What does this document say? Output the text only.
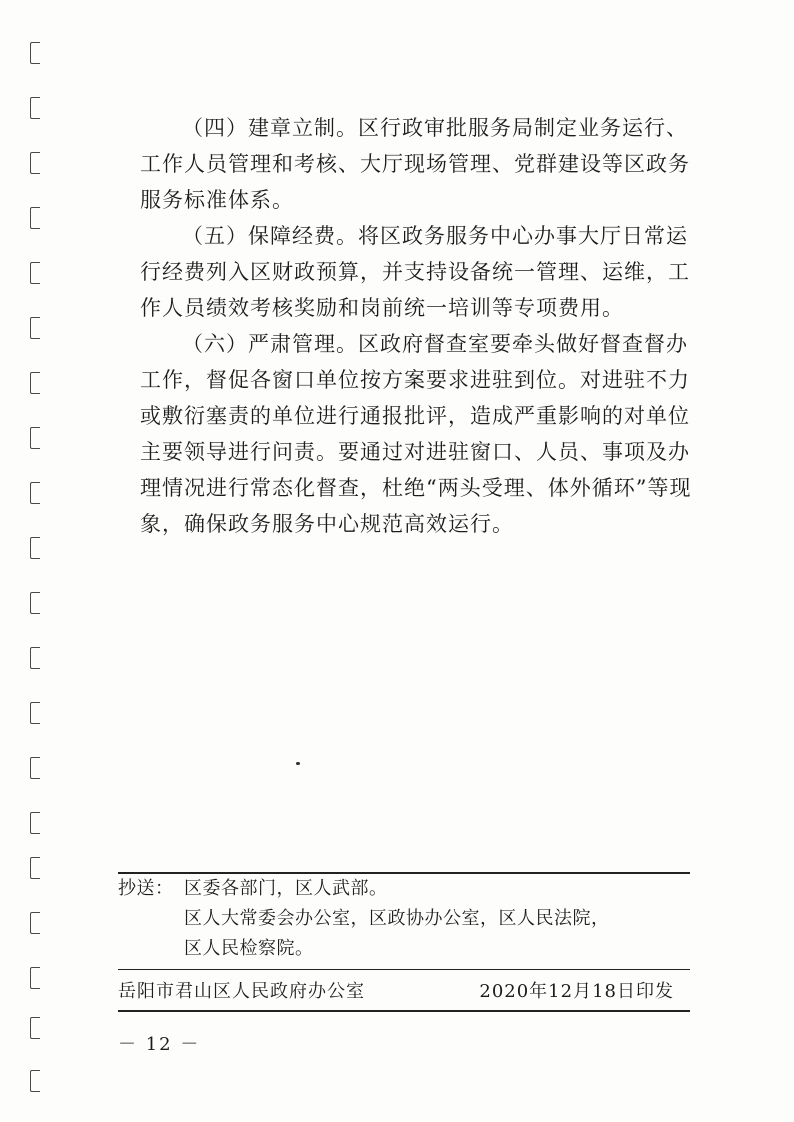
（四）建章立制。区行政审批服务局制定业务运行、工作人员管理和考核、大厅现场管理、党群建设等区政务服务标准体系。

（五）保障经费。将区政务服务中心办事大厅日常运行经费列入区财政预算，并支持设备统一管理、运维，工作人员绩效考核奖励和岗前统一培训等专项费用。

（六）严肃管理。区政府督查室要牵头做好督查督办工作，督促各窗口单位按方案要求进驻到位。对进驻不力或敷衍塞责的单位进行通报批评，造成严重影响的对单位主要领导进行问责。要通过对进驻窗口、人员、事项及办理情况进行常态化督查，杜绝“两头受理、体外循环”等现象，确保政务服务中心规范高效运行。

抄送： 区委各部门，区人武部。
区人大常委会办公室，区政协办公室，区人民法院，
区人民检察院。
岳阳市君山区人民政府办公室	2020年12月18日印发
－ 12 －
